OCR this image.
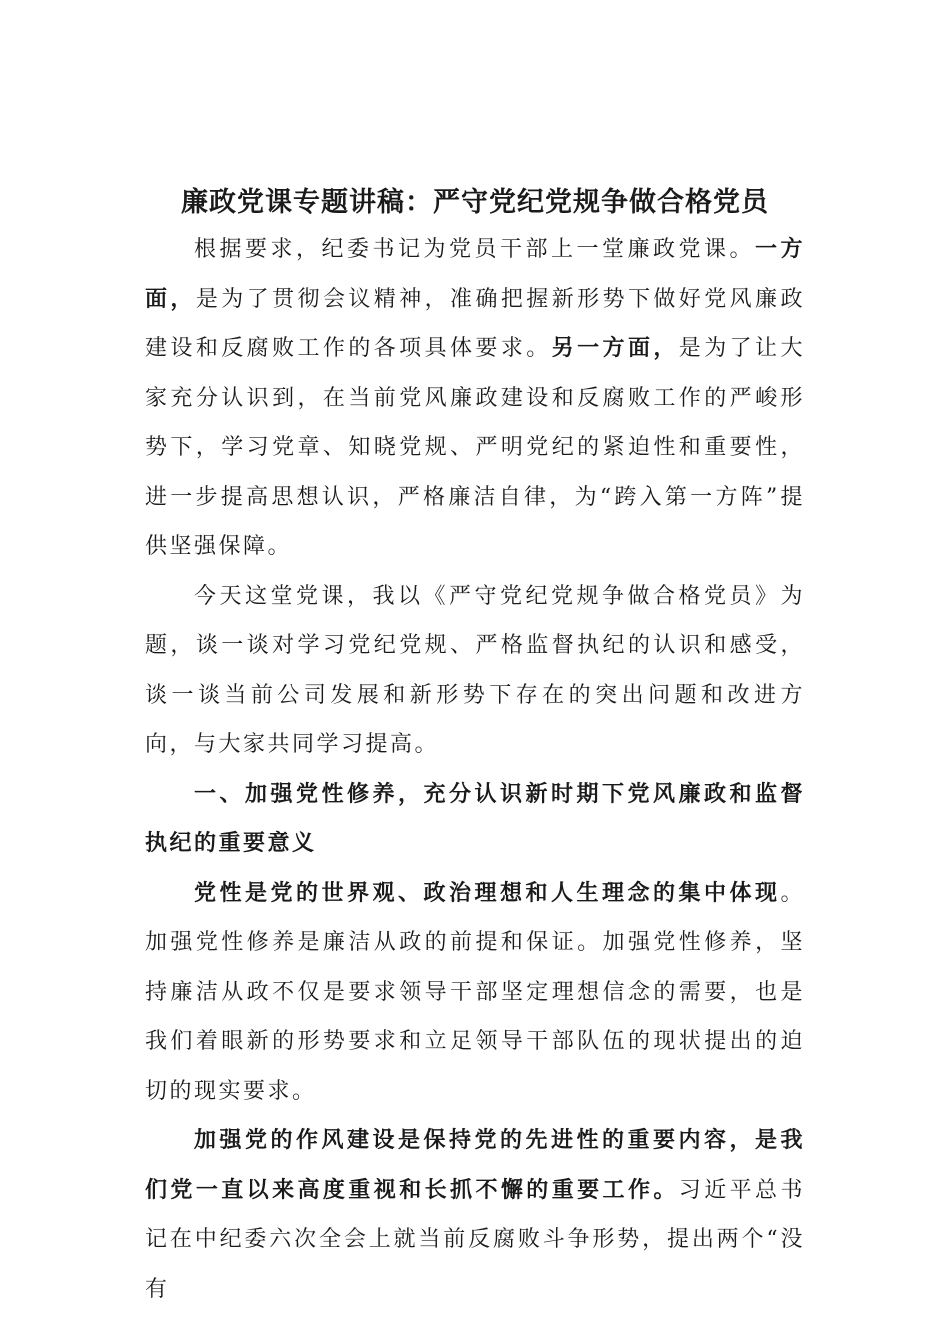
廉政党课专题讲稿：严守党纪党规争做合格党员

根据要求，纪委书记为党员干部上一堂廉政党课。一方面，是为了贯彻会议精神，准确把握新形势下做好党风廉政建设和反腐败工作的各项具体要求。另一方面，是为了让大家充分认识到，在当前党风廉政建设和反腐败工作的严峻形势下，学习党章、知晓党规、严明党纪的紧迫性和重要性，进一步提高思想认识，严格廉洁自律，为“跨入第一方阵”提供坚强保障。

今天这堂党课，我以《严守党纪党规争做合格党员》为题，谈一谈对学习党纪党规、严格监督执纪的认识和感受，谈一谈当前公司发展和新形势下存在的突出问题和改进方向，与大家共同学习提高。

一、加强党性修养，充分认识新时期下党风廉政和监督执纪的重要意义

党性是党的世界观、政治理想和人生理念的集中体现。加强党性修养是廉洁从政的前提和保证。加强党性修养，坚持廉洁从政不仅是要求领导干部坚定理想信念的需要，也是我们着眼新的形势要求和立足领导干部队伍的现状提出的迫切的现实要求。

加强党的作风建设是保持党的先进性的重要内容，是我们党一直以来高度重视和长抓不懈的重要工作。习近平总书记在中纪委六次全会上就当前反腐败斗争形势，提出两个“没有
